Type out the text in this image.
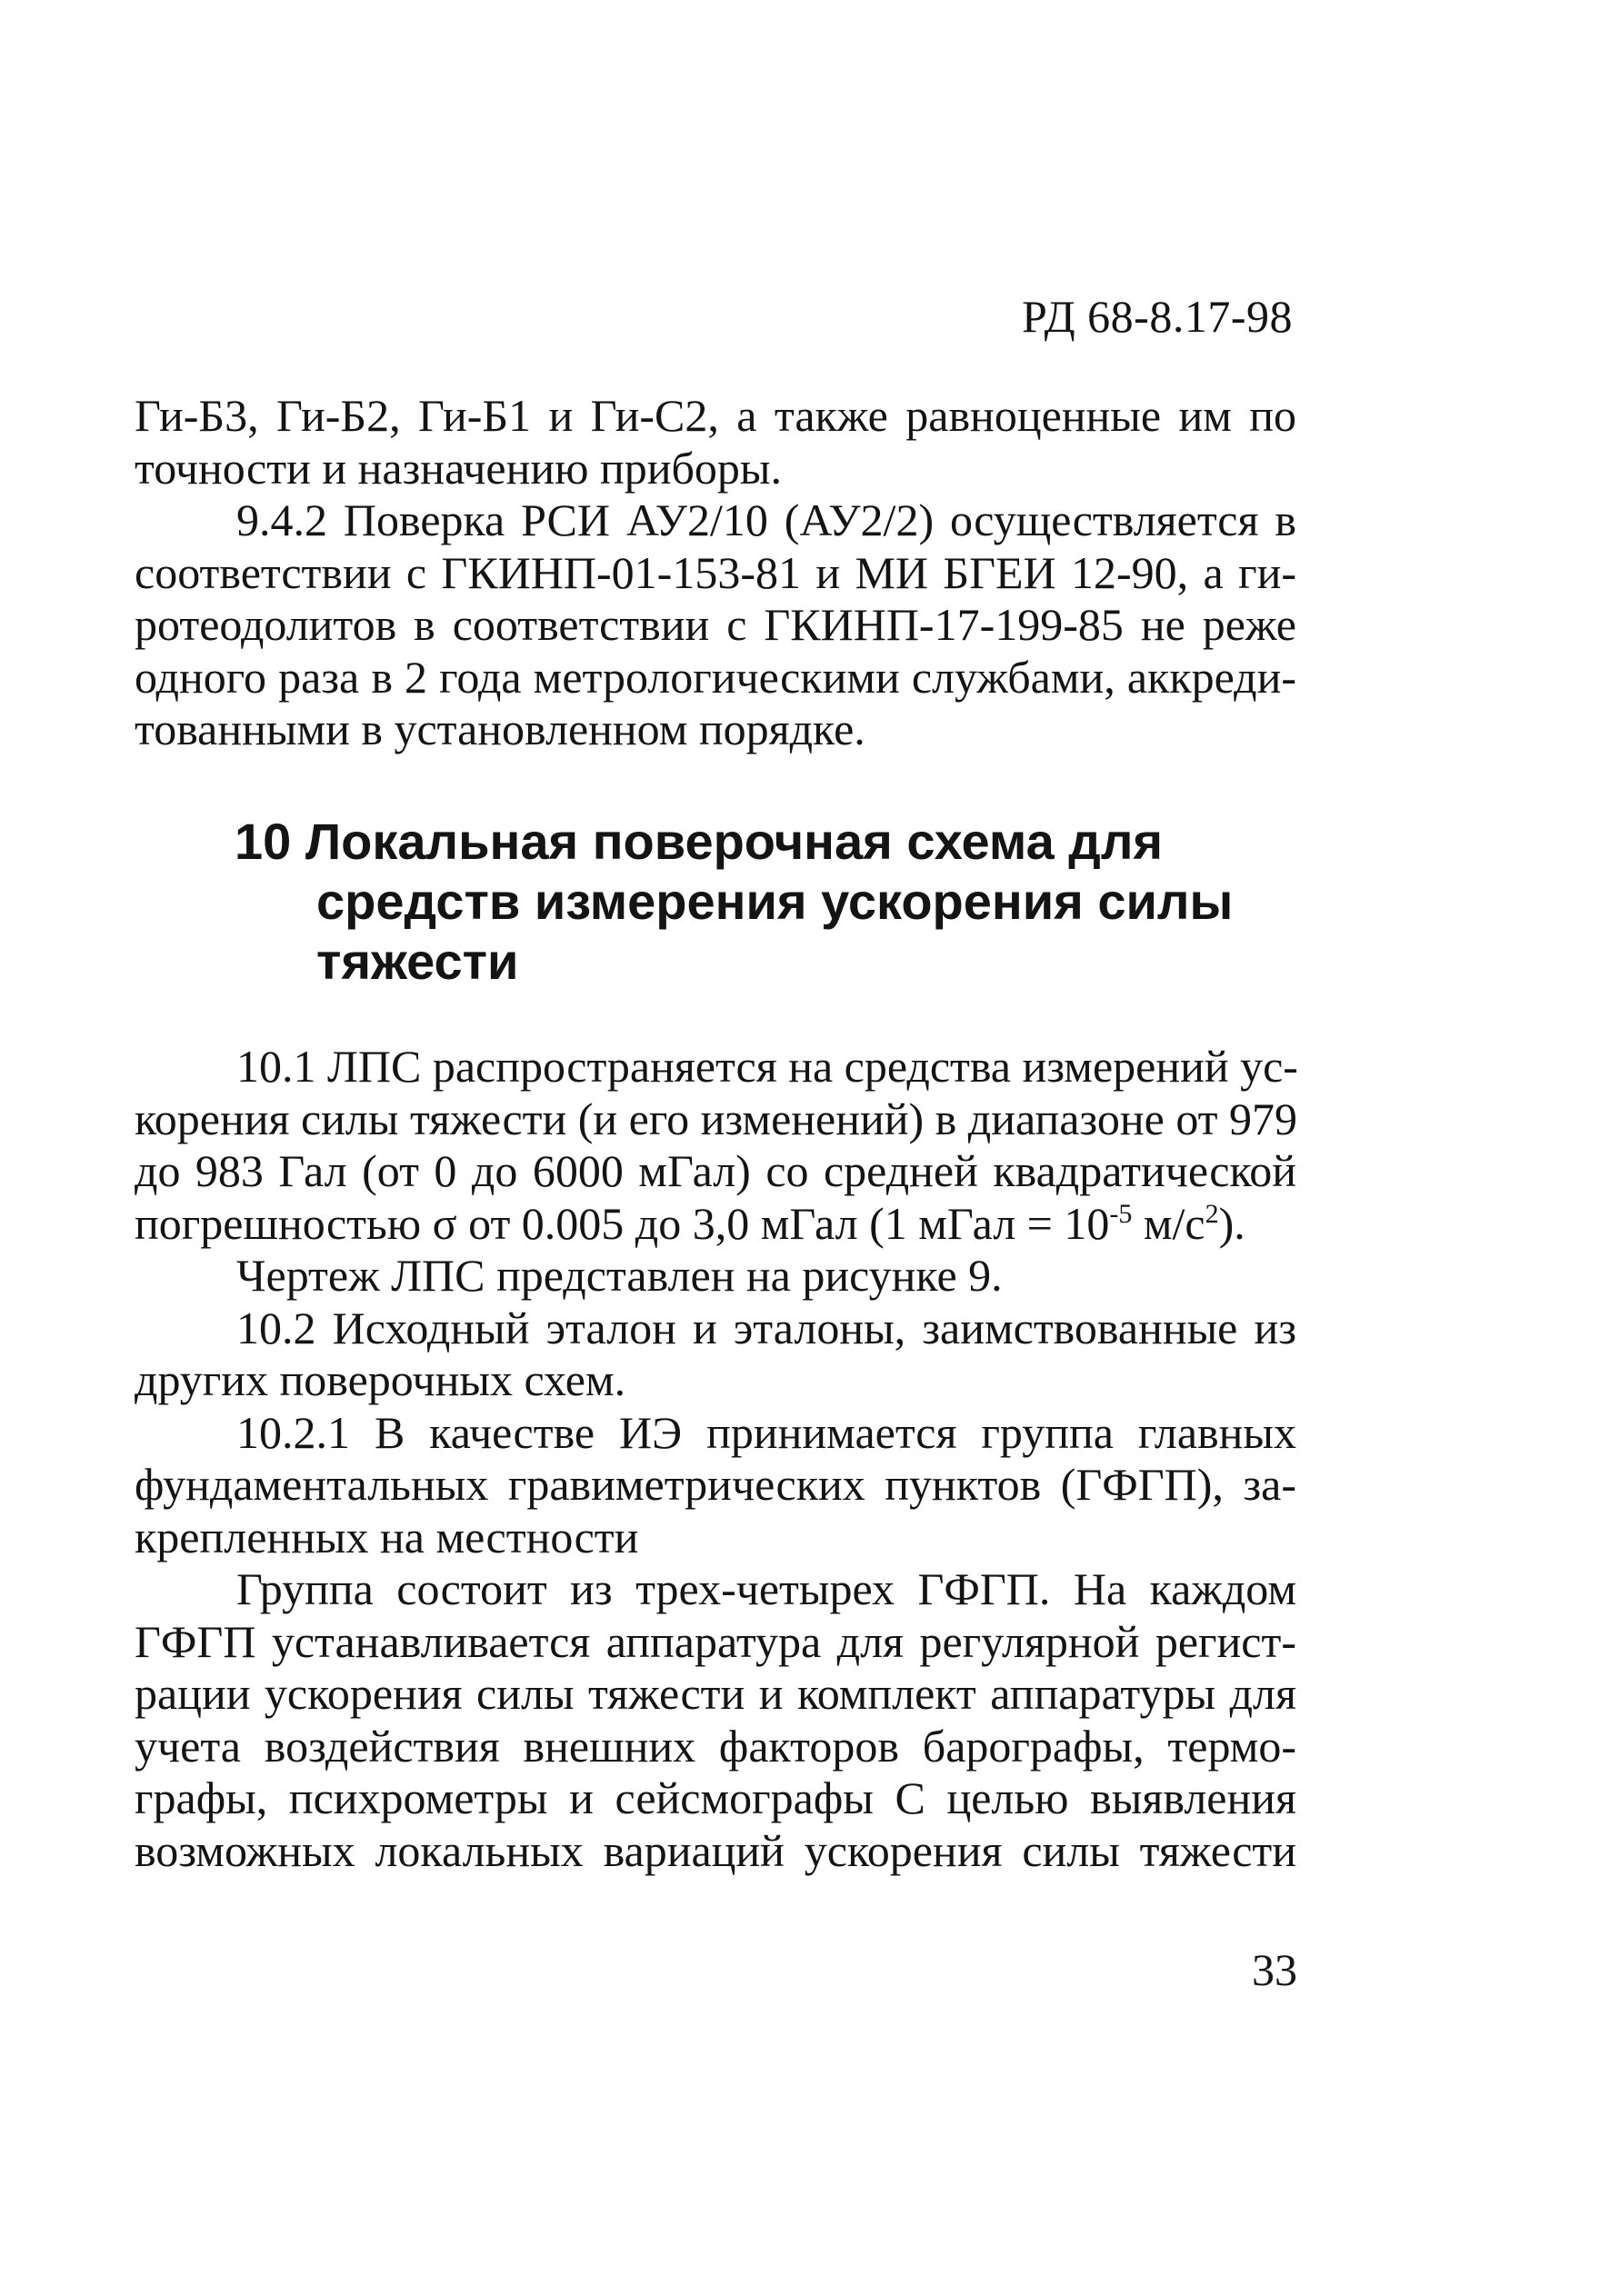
РД 68-8.17-98
Ги-Б3, Ги-Б2, Ги-Б1 и Ги-С2, а также равноценные им по
точности и назначению приборы.
9.4.2 Поверка РСИ АУ2/10 (АУ2/2) осуществляется в
соответствии с ГКИНП-01-153-81 и МИ БГЕИ 12-90, а ги-
ротеодолитов в соответствии с ГКИНП-17-199-85 не реже
одного раза в 2 года метрологическими службами, аккреди-
тованными в установленном порядке.
10 Локальная поверочная схема для
средств измерения ускорения силы
тяжести
10.1 ЛПС распространяется на средства измерений ус-
корения силы тяжести (и его изменений) в диапазоне от 979
до 983 Гал (от 0 до 6000 мГал) со средней квадратической
погрешностью σ от 0.005 до 3,0 мГал (1 мГал = $10^{-5}$ $м/с^2$).
Чертеж ЛПС представлен на рисунке 9.
10.2 Исходный эталон и эталоны, заимствованные из
других поверочных схем.
10.2.1 В качестве ИЭ принимается группа главных
фундаментальных гравиметрических пунктов (ГФГП), за-
крепленных на местности
Группа состоит из трех-четырех ГФГП. На каждом
ГФГП устанавливается аппаратура для регулярной регист-
рации ускорения силы тяжести и комплект аппаратуры для
учета воздействия внешних факторов барографы, термо-
графы, психрометры и сейсмографы С целью выявления
возможных локальных вариаций ускорения силы тяжести
33
